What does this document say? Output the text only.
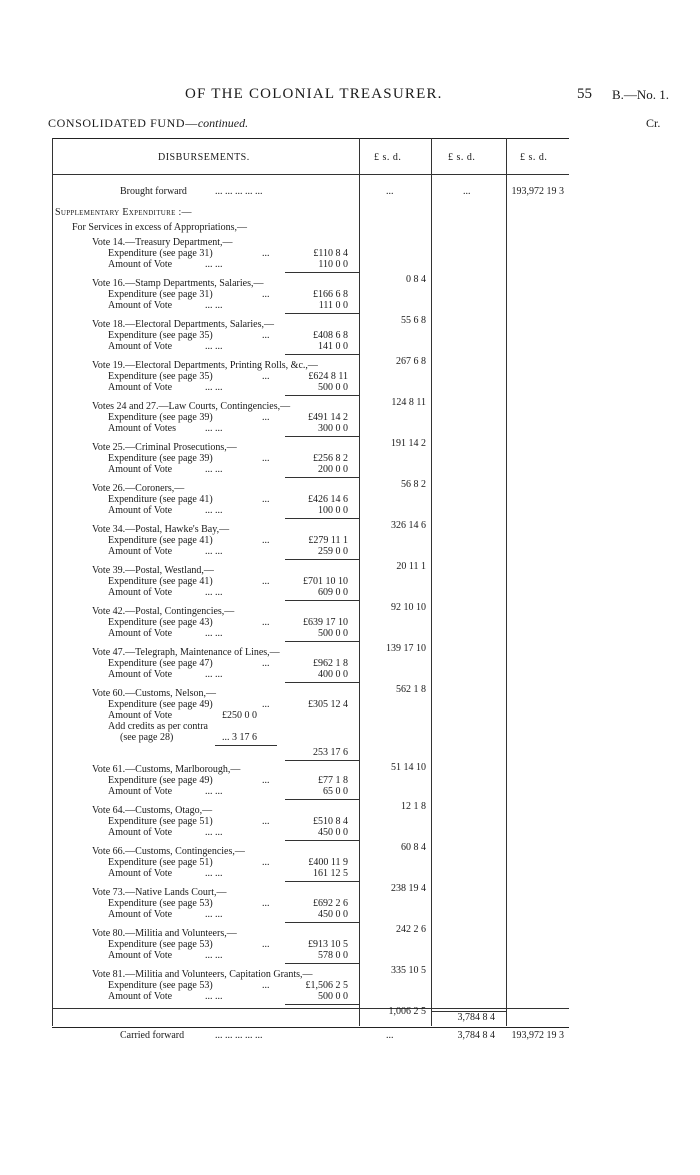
OF THE COLONIAL TREASURER.	55 B.—No. 1.
CONSOLIDATED FUND—continued.	Cr.
DISBURSEMENTS.	£ s. d.	£ s. d.	£ s. d.
Brought forward	... ... ... ... ...	...	...	193,972 19 3
Supplementary Expenditure :—
For Services in excess of Appropriations,—
Vote 14.—Treasury Department,—
Expenditure (see page 31)	...	£110 8 4
Amount of Vote	... ...	110 0 0
0 8 4
Vote 16.—Stamp Departments, Salaries,—
Expenditure (see page 31)	...	£166 6 8
Amount of Vote	... ...	111 0 0
55 6 8
Vote 18.—Electoral Departments, Salaries,—
Expenditure (see page 35)	...	£408 6 8
Amount of Vote	... ...	141 0 0
267 6 8
Vote 19.—Electoral Departments, Printing Rolls, &c.,—
Expenditure (see page 35)	...	£624 8 11
Amount of Vote	... ...	500 0 0
124 8 11
Votes 24 and 27.—Law Courts, Contingencies,—
Expenditure (see page 39)	...	£491 14 2
Amount of Votes	... ...	300 0 0
191 14 2
Vote 25.—Criminal Prosecutions,—
Expenditure (see page 39)	...	£256 8 2
Amount of Vote	... ...	200 0 0
56 8 2
Vote 26.—Coroners,—
Expenditure (see page 41)	...	£426 14 6
Amount of Vote	... ...	100 0 0
326 14 6
Vote 34.—Postal, Hawke's Bay,—
Expenditure (see page 41)	...	£279 11 1
Amount of Vote	... ...	259 0 0
20 11 1
Vote 39.—Postal, Westland,—
Expenditure (see page 41)	...	£701 10 10
Amount of Vote	... ...	609 0 0
92 10 10
Vote 42.—Postal, Contingencies,—
Expenditure (see page 43)	...	£639 17 10
Amount of Vote	... ...	500 0 0
139 17 10
Vote 47.—Telegraph, Maintenance of Lines,—
Expenditure (see page 47)	...	£962 1 8
Amount of Vote	... ...	400 0 0
562 1 8
Vote 60.—Customs, Nelson,—
Expenditure (see page 49)	...	£305 12 4
Amount of Vote	£250 0 0
Add credits as per contra
(see page 28)	... 3 17 6
253 17 6
51 14 10
Vote 61.—Customs, Marlborough,—
Expenditure (see page 49)	...	£77 1 8
Amount of Vote	... ...	65 0 0
12 1 8
Vote 64.—Customs, Otago,—
Expenditure (see page 51)	...	£510 8 4
Amount of Vote	... ...	450 0 0
60 8 4
Vote 66.—Customs, Contingencies,—
Expenditure (see page 51)	...	£400 11 9
Amount of Vote	... ...	161 12 5
238 19 4
Vote 73.—Native Lands Court,—
Expenditure (see page 53)	...	£692 2 6
Amount of Vote	... ...	450 0 0
242 2 6
Vote 80.—Militia and Volunteers,—
Expenditure (see page 53)	...	£913 10 5
Amount of Vote	... ...	578 0 0
335 10 5
Vote 81.—Militia and Volunteers, Capitation Grants,—
Expenditure (see page 53)	...	£1,506 2 5
Amount of Vote	... ...	500 0 0
1,006 2 5
3,784 8 4
Carried forward	... ... ... ... ...	...	3,784 8 4	193,972 19 3
